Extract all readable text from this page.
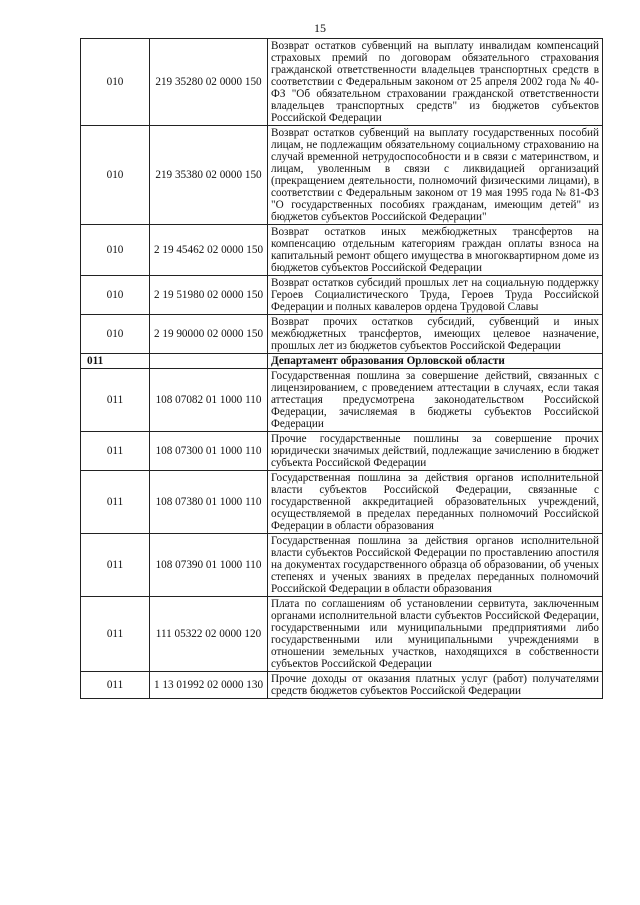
15
010	219 35280 02 0000 150	Возврат остатков субвенций на выплату инвалидам компенсаций страховых премий по договорам обязательного страхования гражданской ответственности владельцев транспортных средств в соответствии с Федеральным законом от 25 апреля 2002 года № 40-ФЗ "Об обязательном страховании гражданской ответственности владельцев транспортных средств" из бюджетов субъектов Российской Федерации
010	219 35380 02 0000 150	Возврат остатков субвенций на выплату государственных пособий лицам, не подлежащим обязательному социальному страхованию на случай временной нетрудоспособности и в связи с материнством, и лицам, уволенным в связи с ликвидацией организаций (прекращением деятельности, полномочий физическими лицами), в соответствии с Федеральным законом от 19 мая 1995 года № 81-ФЗ "О государственных пособиях гражданам, имеющим детей" из бюджетов субъектов Российской Федерации"
010	2 19 45462 02 0000 150	Возврат остатков иных межбюджетных трансфертов на компенсацию отдельным категориям граждан оплаты взноса на капитальный ремонт общего имущества в многоквартирном доме из бюджетов субъектов Российской Федерации
010	2 19 51980 02 0000 150	Возврат остатков субсидий прошлых лет на социальную поддержку Героев Социалистического Труда, Героев Труда Российской Федерации и полных кавалеров ордена Трудовой Славы
010	2 19 90000 02 0000 150	Возврат прочих остатков субсидий, субвенций и иных межбюджетных трансфертов, имеющих целевое назначение, прошлых лет из бюджетов субъектов Российской Федерации
011		Департамент образования Орловской области
011	108 07082 01 1000 110	Государственная пошлина за совершение действий, связанных с лицензированием, с проведением аттестации в случаях, если такая аттестация предусмотрена законодательством Российской Федерации, зачисляемая в бюджеты субъектов Российской Федерации
011	108 07300 01 1000 110	Прочие государственные пошлины за совершение прочих юридически значимых действий, подлежащие зачислению в бюджет субъекта Российской Федерации
011	108 07380 01 1000 110	Государственная пошлина за действия органов исполнительной власти субъектов Российской Федерации, связанные с государственной аккредитацией образовательных учреждений, осуществляемой в пределах переданных полномочий Российской Федерации в области образования
011	108 07390 01 1000 110	Государственная пошлина за действия органов исполнительной власти субъектов Российской Федерации по проставлению апостиля на документах государственного образца об образовании, об ученых степенях и ученых званиях в пределах переданных полномочий Российской Федерации в области образования
011	111 05322 02 0000 120	Плата по соглашениям об установлении сервитута, заключенным органами исполнительной власти субъектов Российской Федерации, государственными или муниципальными предприятиями либо государственными или муниципальными учреждениями в отношении земельных участков, находящихся в собственности субъектов Российской Федерации
011	1 13 01992 02 0000 130	Прочие доходы от оказания платных услуг (работ) получателями средств бюджетов субъектов Российской Федерации
